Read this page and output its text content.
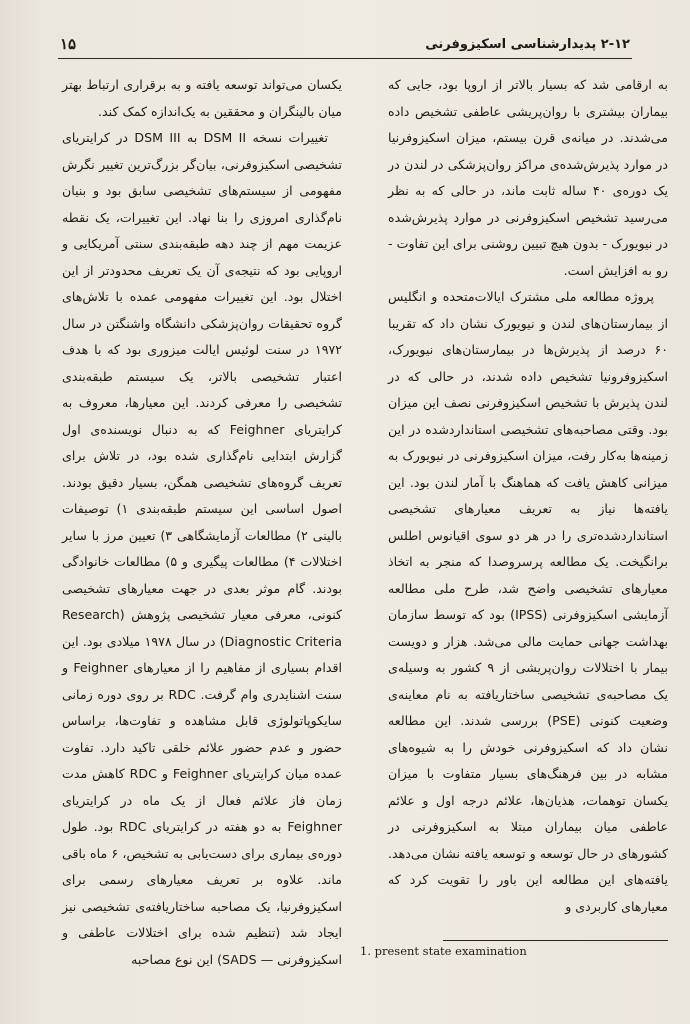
۱۵	۲-۱۲ پدیدارشناسی اسکیزوفرنی

به ارقامی شد که بسیار بالاتر از اروپا بود، جایی که بیماران بیشتری با روان‌پریشی عاطفی تشخیص داده می‌شدند. در میانه‌ی قرن بیستم، میزان اسکیزوفرنیا در موارد پذیرش‌شده‌ی مراکز روان‌پزشکی در لندن در یک دوره‌ی ۴۰ ساله ثابت ماند، در حالی که به نظر می‌رسید تشخیص اسکیزوفرنی در موارد پذیرش‌شده در نیویورک - بدون هیچ تبیین روشنی برای این تفاوت - رو به افزایش است.

پروژه مطالعه ملی مشترک ایالات‌متحده و انگلیس از بیمارستان‌های لندن و نیویورک نشان داد که تقریبا ۶۰ درصد از پذیرش‌ها در بیمارستان‌های نیویورک، اسکیزوفرونیا تشخیص داده شدند، در حالی که در لندن پذیرش با تشخیص اسکیزوفرنی نصف این میزان بود. وقتی مصاحبه‌های تشخیصی استانداردشده در این زمینه‌ها به‌کار رفت، میزان اسکیزوفرنی در نیویورک به میزانی کاهش یافت که هماهنگ با آمار لندن بود. این یافته‌ها نیاز به تعریف معیارهای تشخیصی استانداردشده‌تری را در هر دو سوی اقیانوس اطلس برانگیخت. یک مطالعه پرسروصدا که منجر به اتخاذ معیارهای تشخیصی واضح شد، طرح ملی مطالعه آزمایشی اسکیزوفرنی (IPSS) بود که توسط سازمان بهداشت جهانی حمایت مالی می‌شد. هزار و دویست بیمار با اختلالات روان‌پریشی از ۹ کشور به وسیله‌ی یک مصاحبه‌ی تشخیصی ساختاریافته به نام معاینه‌ی وضعیت کنونی (PSE) بررسی شدند. این مطالعه نشان داد که اسکیزوفرنی خودش را به شیوه‌های مشابه در بین فرهنگ‌های بسیار متفاوت با میزان یکسان توهمات، هذیان‌ها، علائم درجه اول و علائم عاطفی میان بیماران مبتلا به اسکیزوفرنی در کشورهای در حال توسعه و توسعه یافته نشان می‌دهد. یافته‌های این مطالعه این باور را تقویت کرد که معیارهای کاربردی و

یکسان می‌تواند توسعه یافته و به برقراری ارتباط بهتر میان بالینگران و محققین به یک‌اندازه کمک کند.

تغییرات نسخه DSM II به DSM III در کرایتریای تشخیصی اسکیزوفرنی، بیان‌گر بزرگ‌ترین تغییر نگرش مفهومی از سیستم‌های تشخیصی سابق بود و بنیان نام‌گذاری امروزی را بنا نهاد. این تغییرات، یک نقطه عزیمت مهم از چند دهه طبقه‌بندی سنتی آمریکایی و اروپایی بود که نتیجه‌ی آن یک تعریف محدودتر از این اختلال بود. این تغییرات مفهومی عمده با تلاش‌های گروه تحقیقات روان‌پزشکی دانشگاه واشنگتن در سال ۱۹۷۲ در سنت لوئیس ایالت میزوری بود که با هدف اعتبار تشخیصی بالاتر، یک سیستم طبقه‌بندی تشخیصی را معرفی کردند. این معیارها، معروف به کرایتریای Feighner که به دنبال نویسنده‌ی اول گزارش ابتدایی نام‌گذاری شده بود، در تلاش برای تعریف گروه‌های تشخیصی همگن، بسیار دقیق بودند. اصول اساسی این سیستم طبقه‌بندی ۱) توصیفات بالینی ۲) مطالعات آزمایشگاهی ۳) تعیین مرز با سایر اختلالات ۴) مطالعات پیگیری و ۵) مطالعات خانوادگی بودند. گام موثر بعدی در جهت معیارهای تشخیصی کنونی، معرفی معیار تشخیصی پژوهش (Research Diagnostic Criteria) در سال ۱۹۷۸ میلادی بود. این اقدام بسیاری از مفاهیم را از معیارهای Feighner و سنت اشنایدری وام گرفت. RDC بر روی دوره زمانی سایکوپاتولوژی قابل مشاهده و تفاوت‌ها، براساس حضور و عدم حضور علائم خلقی تاکید دارد. تفاوت عمده میان کرایتریای Feighner و RDC کاهش مدت زمان فاز علائم فعال از یک ماه در کرایتریای Feighner به دو هفته در کرایتریای RDC بود. طول دوره‌ی بیماری برای دست‌یابی به تشخیص، ۶ ماه باقی ماند. علاوه بر تعریف معیارهای رسمی برای اسکیزوفرنیا، یک مصاحبه ساختاریافته‌ی تشخیصی نیز ایجاد شد (تنظیم شده برای اختلالات عاطفی و اسکیزوفرنی — SADS) این نوع مصاحبه

1. present state examination
